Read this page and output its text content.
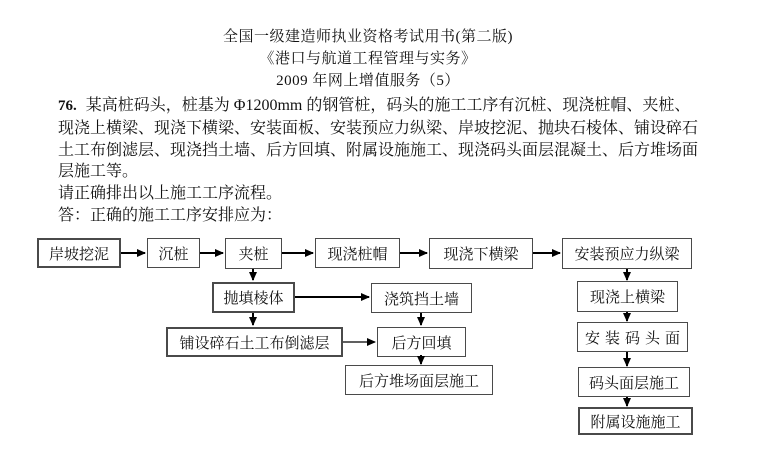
全国一级建造师执业资格考试用书(第二版)
《港口与航道工程管理与实务》
2009 年网上增值服务（5）
76. 某高桩码头，桩基为 Φ1200mm 的钢管桩，码头的施工工序有沉桩、现浇桩帽、夹桩、
现浇上横梁、现浇下横梁、安装面板、安装预应力纵梁、岸坡挖泥、抛块石棱体、铺设碎石
土工布倒滤层、现浇挡土墙、后方回填、附属设施施工、现浇码头面层混凝土、后方堆场面
层施工等。
请正确排出以上施工工序流程。
答：正确的施工工序安排应为：
岸坡挖泥	沉桩	夹桩	现浇桩帽	现浇下横梁	安装预应力纵梁
抛填棱体	浇筑挡土墙
铺设碎石土工布倒滤层	后方回填
后方堆场面层施工
现浇上横梁
安装码头面
码头面层施工
附属设施施工
